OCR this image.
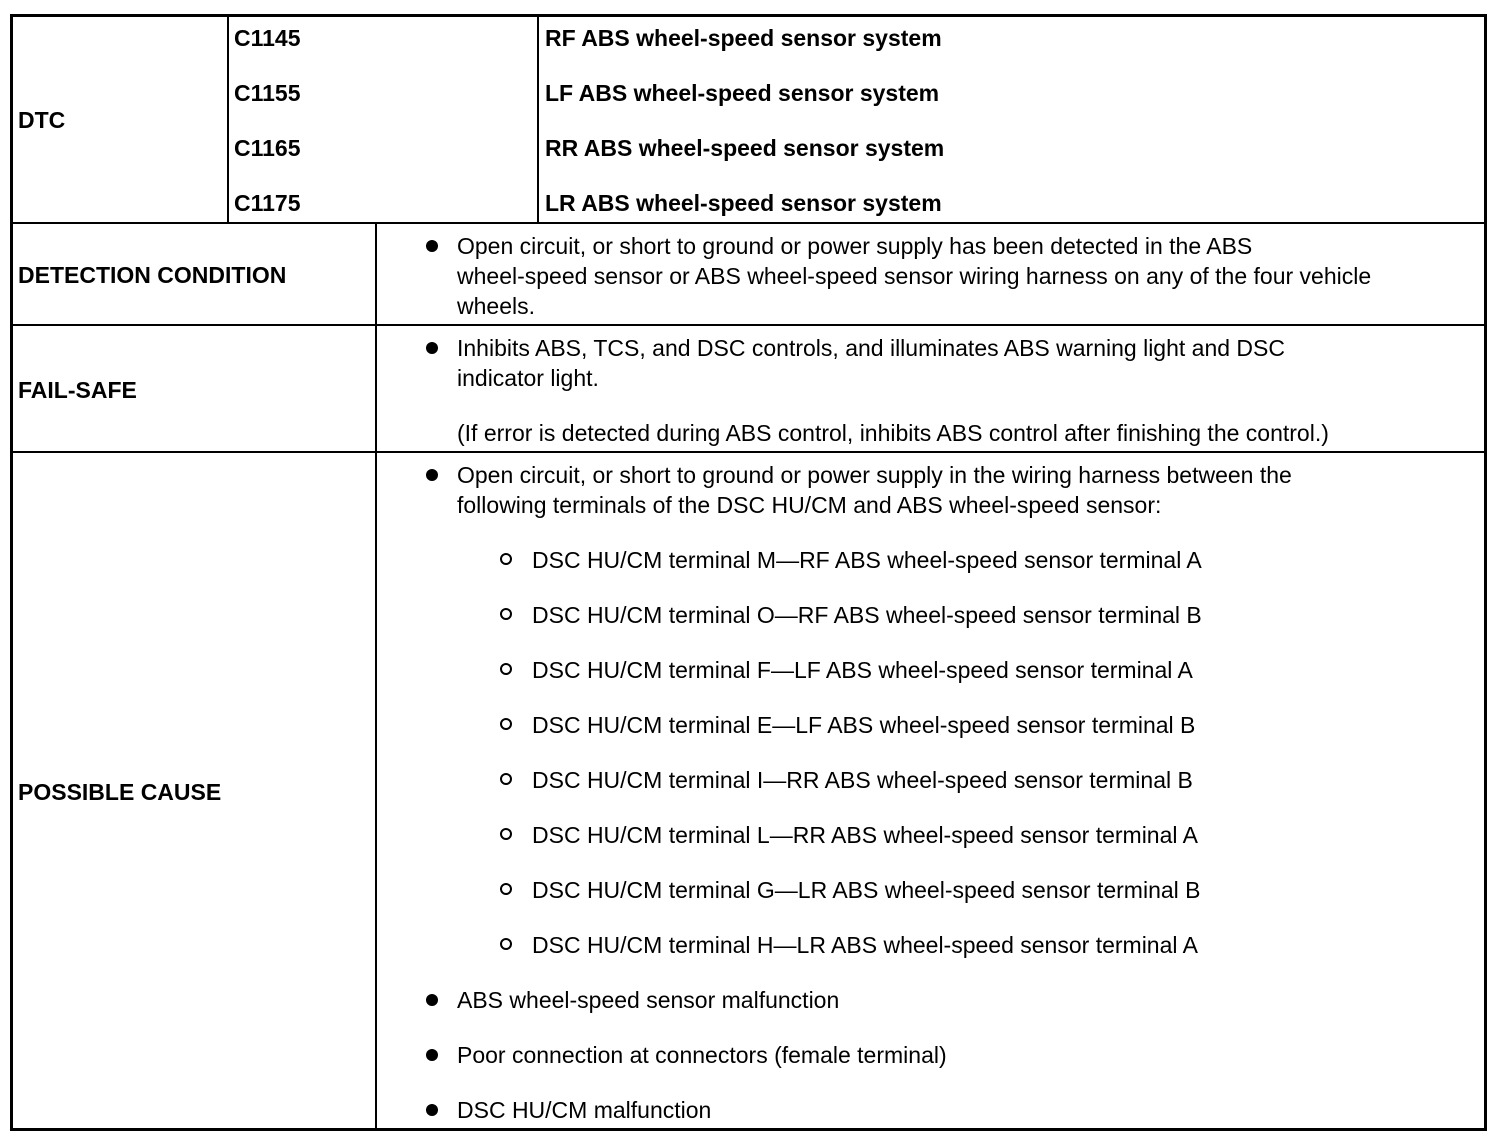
DTC
C1145
C1155
C1165
C1175
RF ABS wheel-speed sensor system
LF ABS wheel-speed sensor system
RR ABS wheel-speed sensor system
LR ABS wheel-speed sensor system
DETECTION CONDITION
Open circuit, or short to ground or power supply has been detected in the ABS
wheel-speed sensor or ABS wheel-speed sensor wiring harness on any of the four vehicle
wheels.
FAIL-SAFE
Inhibits ABS, TCS, and DSC controls, and illuminates ABS warning light and DSC
indicator light.
(If error is detected during ABS control, inhibits ABS control after finishing the control.)
POSSIBLE CAUSE
Open circuit, or short to ground or power supply in the wiring harness between the
following terminals of the DSC HU/CM and ABS wheel-speed sensor:
DSC HU/CM terminal M—RF ABS wheel-speed sensor terminal A
DSC HU/CM terminal O—RF ABS wheel-speed sensor terminal B
DSC HU/CM terminal F—LF ABS wheel-speed sensor terminal A
DSC HU/CM terminal E—LF ABS wheel-speed sensor terminal B
DSC HU/CM terminal I—RR ABS wheel-speed sensor terminal B
DSC HU/CM terminal L—RR ABS wheel-speed sensor terminal A
DSC HU/CM terminal G—LR ABS wheel-speed sensor terminal B
DSC HU/CM terminal H—LR ABS wheel-speed sensor terminal A
ABS wheel-speed sensor malfunction
Poor connection at connectors (female terminal)
DSC HU/CM malfunction
